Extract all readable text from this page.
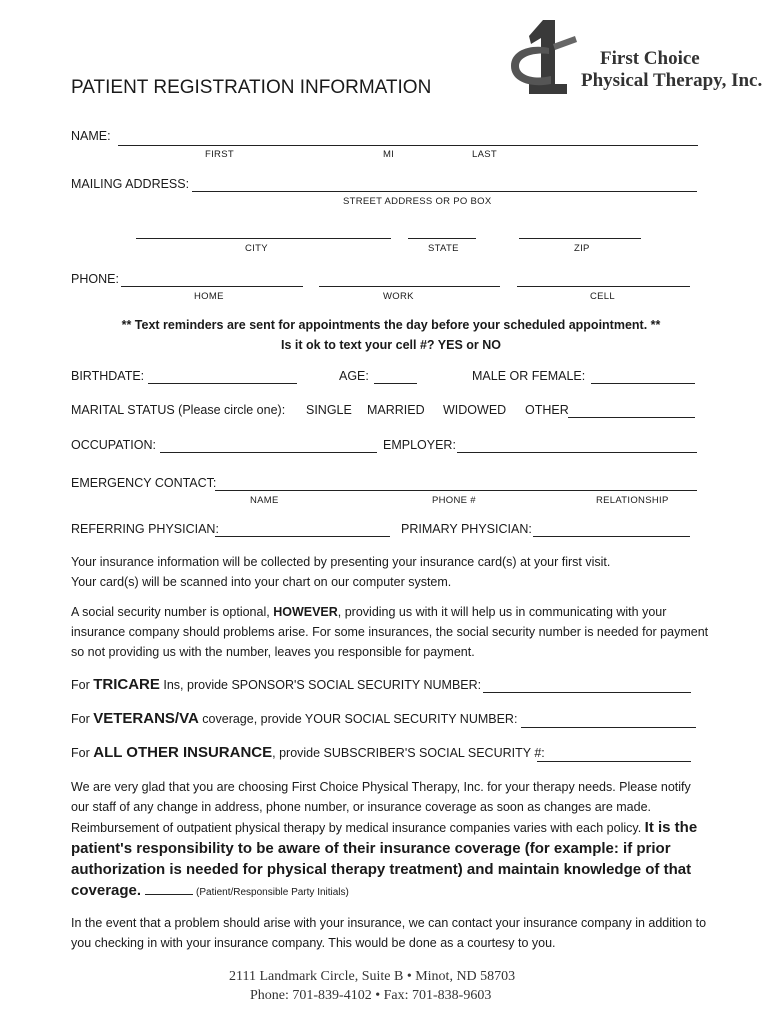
First Choice
Physical Therapy, Inc.
PATIENT REGISTRATION INFORMATION
NAME:
FIRST	MI	LAST
MAILING ADDRESS:
STREET ADDRESS OR PO BOX
CITY	STATE	ZIP
PHONE:
HOME	WORK	CELL
** Text reminders are sent for appointments the day before your scheduled appointment. **
Is it ok to text your cell #? YES or NO
BIRTHDATE:	AGE:	MALE OR FEMALE:
MARITAL STATUS (Please circle one): SINGLE MARRIED WIDOWED OTHER
OCCUPATION:	EMPLOYER:
EMERGENCY CONTACT:
NAME	PHONE #	RELATIONSHIP
REFERRING PHYSICIAN:	PRIMARY PHYSICIAN:
Your insurance information will be collected by presenting your insurance card(s) at your first visit.
Your card(s) will be scanned into your chart on our computer system.
A social security number is optional, HOWEVER, providing us with it will help us in communicating with your insurance company should problems arise. For some insurances, the social security number is needed for payment so not providing us with the number, leaves you responsible for payment.
For TRICARE Ins, provide SPONSOR'S SOCIAL SECURITY NUMBER:
For VETERANS/VA coverage, provide YOUR SOCIAL SECURITY NUMBER:
For ALL OTHER INSURANCE, provide SUBSCRIBER'S SOCIAL SECURITY #:
We are very glad that you are choosing First Choice Physical Therapy, Inc. for your therapy needs. Please notify our staff of any change in address, phone number, or insurance coverage as soon as changes are made. Reimbursement of outpatient physical therapy by medical insurance companies varies with each policy. It is the patient's responsibility to be aware of their insurance coverage (for example: if prior authorization is needed for physical therapy treatment) and maintain knowledge of that coverage.	(Patient/Responsible Party Initials)
In the event that a problem should arise with your insurance, we can contact your insurance company in addition to you checking in with your insurance company. This would be done as a courtesy to you.
2111 Landmark Circle, Suite B • Minot, ND 58703
Phone: 701-839-4102 • Fax: 701-838-9603
